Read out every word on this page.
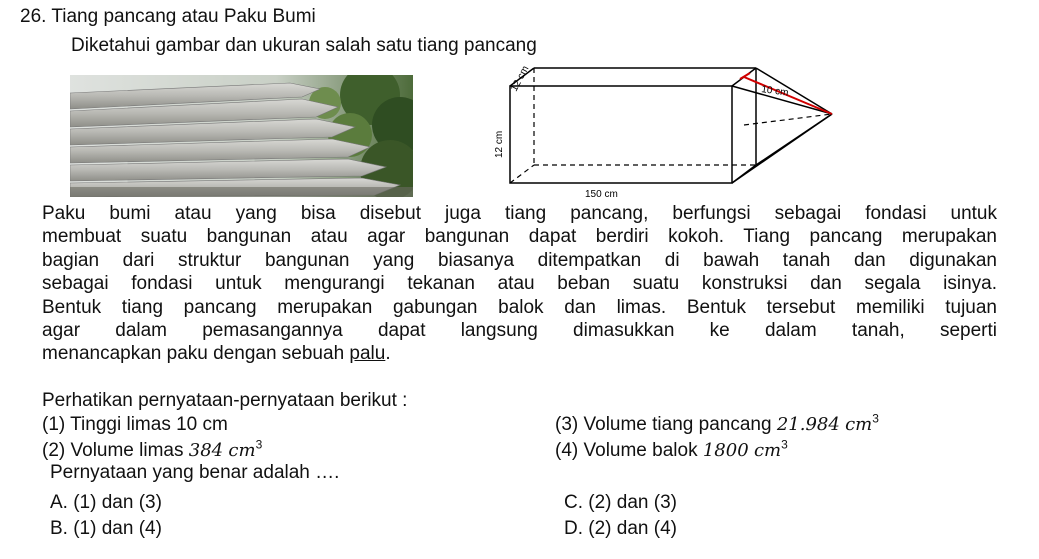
26. Tiang pancang atau Paku Bumi
Diketahui gambar dan ukuran salah satu tiang pancang
12 cm
12 cm
10 cm
150 cm
Paku bumi atau yang bisa disebut juga tiang pancang, berfungsi sebagai fondasi untuk
membuat suatu bangunan atau agar bangunan dapat berdiri kokoh. Tiang pancang merupakan
bagian dari struktur bangunan yang biasanya ditempatkan di bawah tanah dan digunakan
sebagai fondasi untuk mengurangi tekanan atau beban suatu konstruksi dan segala isinya.
Bentuk tiang pancang merupakan gabungan balok dan limas. Bentuk tersebut memiliki tujuan
agar dalam pemasangannya dapat langsung dimasukkan ke dalam tanah, seperti
menancapkan paku dengan sebuah palu.
Perhatikan pernyataan-pernyataan berikut :
(1) Tinggi limas 10 cm
(2) Volume limas 384 $cm^3$
(3) Volume tiang pancang 21.984 $cm^3$
(4) Volume balok 1800 $cm^3$
Pernyataan yang benar adalah ….
A. (1) dan (3)
B. (1) dan (4)
C. (2) dan (3)
D. (2) dan (4)
